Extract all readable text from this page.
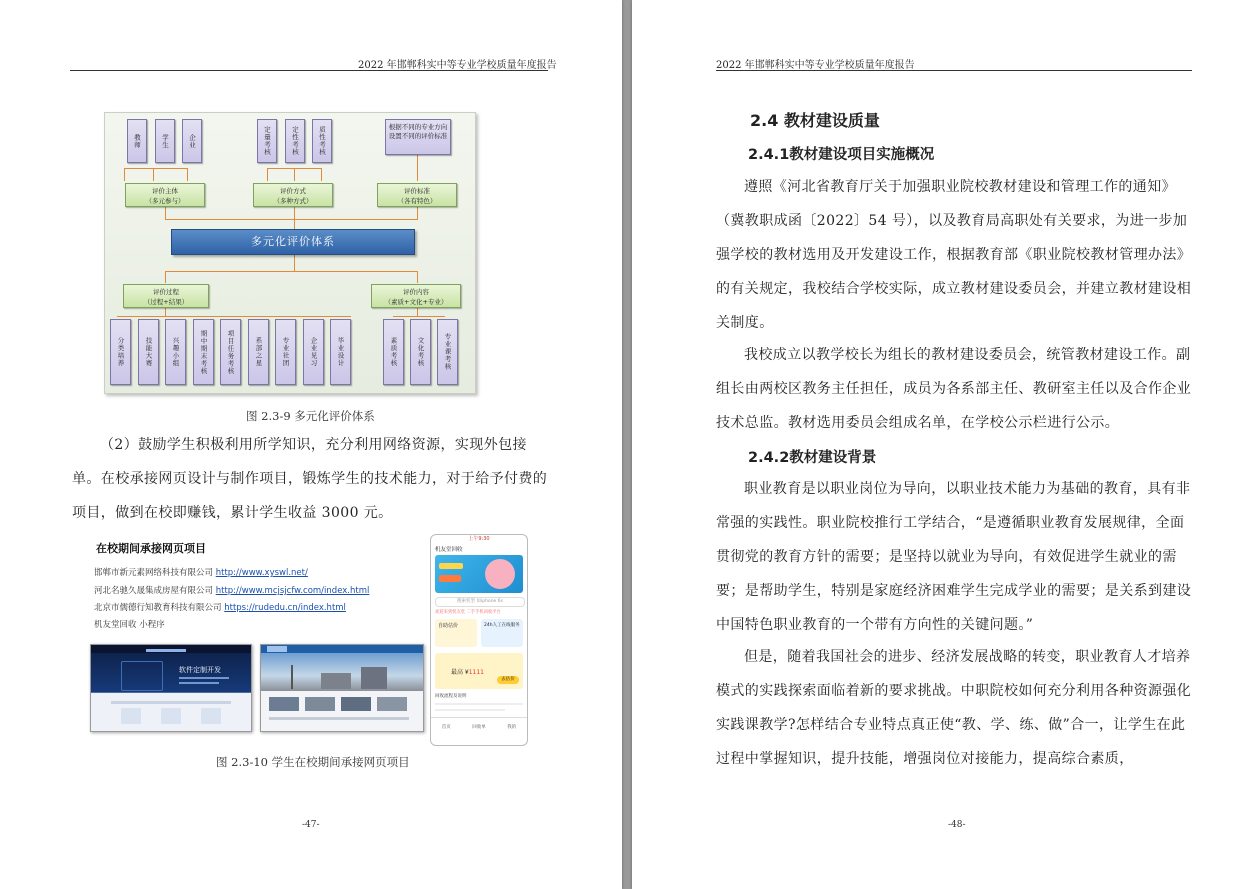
2022 年邯郸科实中等专业学校质量年度报告
教师	学生	企业	定量考核	定性考核	质性考核	根据不同的专业方向设置不同的评价标准
评价主体
（多元参与）
评价方式
（多种方式）
评价标准
（各有特色）
多元化评价体系
评价过程
（过程+结果）
评价内容
（素质+文化+专业）
分类培养	技能大赛	兴趣小组	期中期末考核	项目任务考核	系部之星	专业社团	企业见习	毕业设计	素质考核	文化考核	专业课考核
图 2.3-9 多元化评价体系

（2）鼓励学生积极利用所学知识，充分利用网络资源，实现外包接单。在校承接网页设计与制作项目，锻炼学生的技术能力，对于给予付费的项目，做到在校即赚钱，累计学生收益 3000 元。

在校期间承接网页项目
邯郸市新元素网络科技有限公司 http://www.xyswl.net/
河北名驰久晟集成房屋有限公司 http://www.mcjsjcfw.com/index.html
北京市儒德行知教育科技有限公司 https://rudedu.cn/index.html
机友堂回收 小程序
软件定制开发
上午9:30
机友堂回收
搜索机型 如iphone 6s
欢迎来到机友堂 二手手机回收平台
自助估价	24h人工在线服务
最高 ¥1111
去估价
回收流程及说明
首页	回收单	我的
图 2.3-10 学生在校期间承接网页项目
-47-
2022 年邯郸科实中等专业学校质量年度报告
2.4 教材建设质量
2.4.1教材建设项目实施概况

遵照《河北省教育厅关于加强职业院校教材建设和管理工作的通知》（冀教职成函〔2022〕54 号），以及教育局高职处有关要求，为进一步加强学校的教材选用及开发建设工作，根据教育部《职业院校教材管理办法》的有关规定，我校结合学校实际，成立教材建设委员会，并建立教材建设相关制度。

我校成立以教学校长为组长的教材建设委员会，统管教材建设工作。副组长由两校区教务主任担任，成员为各系部主任、教研室主任以及合作企业技术总监。教材选用委员会组成名单，在学校公示栏进行公示。

2.4.2教材建设背景

职业教育是以职业岗位为导向，以职业技术能力为基础的教育，具有非常强的实践性。职业院校推行工学结合，“是遵循职业教育发展规律，全面贯彻党的教育方针的需要；是坚持以就业为导向，有效促进学生就业的需要；是帮助学生，特别是家庭经济困难学生完成学业的需要；是关系到建设中国特色职业教育的一个带有方向性的关键问题。”

但是，随着我国社会的进步、经济发展战略的转变，职业教育人才培养模式的实践探索面临着新的要求挑战。中职院校如何充分利用各种资源强化实践课教学?怎样结合专业特点真正使“教、学、练、做”合一，让学生在此过程中掌握知识，提升技能，增强岗位对接能力，提高综合素质，

-48-
